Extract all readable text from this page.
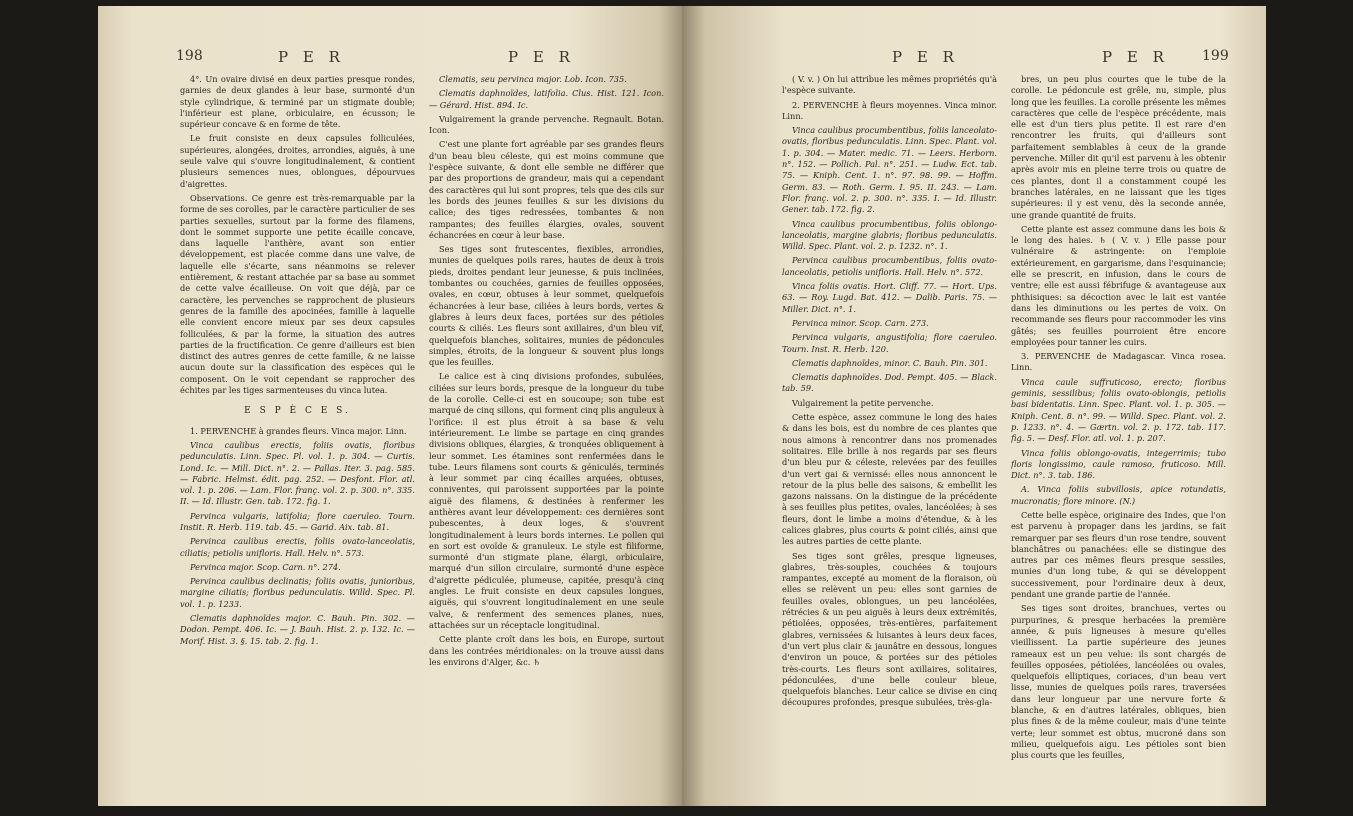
198	P E R	P E R

4°. Un ovaire divisé en deux parties presque rondes, garnies de deux glandes à leur base, surmonté d'un style cylindrique, & terminé par un stigmate double; l'inférieur est plane, orbiculaire, en écusson; le supérieur concave & en forme de tête.

Le fruit consiste en deux capsules folliculées, supérieures, alongées, droites, arrondies, aiguës, à une seule valve qui s'ouvre longitudinalement, & contient plusieurs semences nues, oblongues, dépourvues d'aigrettes.

Observations. Ce genre est très-remarquable par la forme de ses corolles, par le caractère particulier de ses parties sexuelles, surtout par la forme des filamens, dont le sommet supporte une petite écaille concave, dans laquelle l'anthère, avant son entier développement, est placée comme dans une valve, de laquelle elle s'écarte, sans néanmoins se relever entièrement, & restant attachée par sa base au sommet de cette valve écailleuse. On voit que déjà, par ce caractère, les pervenches se rapprochent de plusieurs genres de la famille des apocinées, famille à laquelle elle convient encore mieux par ses deux capsules folliculées, & par la forme, la situation des autres parties de la fructification. Ce genre d'ailleurs est bien distinct des autres genres de cette famille, & ne laisse aucun doute sur la classification des espèces qui le composent. On le voit cependant se rapprocher des échites par les tiges sarmenteuses du vinca lutea.

E S P È C E S.

1. PERVENCHE à grandes fleurs. Vinca major. Linn.

Vinca caulibus erectis, foliis ovatis, floribus pedunculatis. Linn. Spec. Pl. vol. 1. p. 304. — Curtis. Lond. Ic. — Mill. Dict. n°. 2. — Pallas. Iter. 3. pag. 585. — Fabric. Helmst. édit. pag. 252. — Desfont. Flor. atl. vol. 1. p. 206. — Lam. Flor. franç. vol. 2. p. 300. n°. 335. II. — Id. Illustr. Gen. tab. 172. fig. 1.

Pervinca vulgaris, latifolia; flore caeruleo. Tourn. Instit. R. Herb. 119. tab. 45. — Garid. Aix. tab. 81.

Pervinca caulibus erectis, foliis ovato-lanceolatis, ciliatis; petiolis unifloris. Hall. Helv. n°. 573.

Pervinca major. Scop. Carn. n°. 274.

Pervinca caulibus declinatis; foliis ovatis, junioribus, margine ciliatis; floribus pedunculatis. Willd. Spec. Pl. vol. 1. p. 1233.

Clematis daphnoïdes major. C. Bauh. Pin. 302. — Dodon. Pempt. 406. Ic. — J. Bauh. Hist. 2. p. 132. Ic. — Morif. Hist. 3. §. 15. tab. 2. fig. 1.

Clematis, seu pervinca major. Lob. Icon. 735.

Clematis daphnoïdes, latifolia. Clus. Hist. 121. Icon. — Gérard. Hist. 894. Ic.

Vulgairement la grande pervenche. Regnault. Botan. Icon.

C'est une plante fort agréable par ses grandes fleurs d'un beau bleu céleste, qui est moins commune que l'espèce suivante, & dont elle semble ne différer que par des proportions de grandeur, mais qui a cependant des caractères qui lui sont propres, tels que des cils sur les bords des jeunes feuilles & sur les divisions du calice; des tiges redressées, tombantes & non rampantes; des feuilles élargies, ovales, souvent échancrées en cœur à leur base.

Ses tiges sont frutescentes, flexibles, arrondies, munies de quelques poils rares, hautes de deux à trois pieds, droites pendant leur jeunesse, & puis inclinées, tombantes ou couchées, garnies de feuilles opposées, ovales, en cœur, obtuses à leur sommet, quelquefois échancrées à leur base, ciliées à leurs bords, vertes & glabres à leurs deux faces, portées sur des pétioles courts & ciliés. Les fleurs sont axillaires, d'un bleu vif, quelquefois blanches, solitaires, munies de pédoncules simples, étroits, de la longueur & souvent plus longs que les feuilles.

Le calice est à cinq divisions profondes, subulées, ciliées sur leurs bords, presque de la longueur du tube de la corolle. Celle-ci est en soucoupe; son tube est marqué de cinq sillons, qui forment cinq plis anguleux à l'orifice: il est plus étroit à sa base & velu intérieurement. Le limbe se partage en cinq grandes divisions obliques, élargies, & tronquées obliquement à leur sommet. Les étamines sont renfermées dans le tube. Leurs filamens sont courts & géniculés, terminés à leur sommet par cinq écailles arquées, obtuses, conniventes, qui paroissent supportées par la pointe aiguë des filamens, & destinées à renfermer les anthères avant leur développement: ces dernières sont pubescentes, à deux loges, & s'ouvrent longitudinalement à leurs bords internes. Le pollen qui en sort est ovoïde & granuleux. Le style est filiforme, surmonté d'un stigmate plane, élargi, orbiculaire, marqué d'un sillon circulaire, surmonté d'une espèce d'aigrette pédiculée, plumeuse, capitée, presqu'à cinq angles. Le fruit consiste en deux capsules longues, aiguës, qui s'ouvrent longitudinalement en une seule valve, & renferment des semences planes, nues, attachées sur un réceptacle longitudinal.

Cette plante croît dans les bois, en Europe, surtout dans les contrées méridionales: on la trouve aussi dans les environs d'Alger, &c. ♄

P E R	P E R 199

( V. v. ) On lui attribue les mêmes propriétés qu'à l'espèce suivante.

2. PERVENCHE à fleurs moyennes. Vinca minor. Linn.

Vinca caulibus procumbentibus, foliis lanceolato-ovatis, floribus pedunculatis. Linn. Spec. Plant. vol. 1. p. 304. — Mater. medic. 71. — Leers. Herborn. n°. 152. — Pollich. Pal. n°. 251. — Ludw. Ect. tab. 75. — Kniph. Cent. 1. n°. 97. 98. 99. — Hoffm. Germ. 83. — Roth. Germ. I. 95. II. 243. — Lam. Flor. franç. vol. 2. p. 300. n°. 335. I. — Id. Illustr. Gener. tab. 172. fig. 2.

Vinca caulibus procumbentibus, foliis oblongo-lanceolatis, margine glabris; floribus pedunculatis. Willd. Spec. Plant. vol. 2. p. 1232. n°. 1.

Pervinca caulibus procumbentibus, foliis ovato-lanceolatis, petiolis unifloris. Hall. Helv. n°. 572.

Vinca foliis ovatis. Hort. Cliff. 77. — Hort. Ups. 63. — Roy. Lugd. Bat. 412. — Dalib. Paris. 75. — Miller. Dict. n°. 1.

Pervinca minor. Scop. Carn. 273.

Pervinca vulgaris, angustifolia; flore caeruleo. Tourn. Inst. R. Herb. 120.

Clematis daphnoïdes, minor. C. Bauh. Pin. 301.

Clematis daphnoïdes. Dod. Pempt. 405. — Black. tab. 59.

Vulgairement la petite pervenche.

Cette espèce, assez commune le long des haies & dans les bois, est du nombre de ces plantes que nous aimons à rencontrer dans nos promenades solitaires. Elle brille à nos regards par ses fleurs d'un bleu pur & céleste, relevées par des feuilles d'un vert gai & vernissé: elles nous annoncent le retour de la plus belle des saisons, & embellit les gazons naissans. On la distingue de la précédente à ses feuilles plus petites, ovales, lancéolées; à ses fleurs, dont le limbe a moins d'étendue, & à les calices glabres, plus courts & point ciliés, ainsi que les autres parties de cette plante.

Ses tiges sont grêles, presque ligneuses, glabres, très-souples, couchées & toujours rampantes, excepté au moment de la floraison, où elles se relèvent un peu: elles sont garnies de feuilles ovales, oblongues, un peu lancéolées, rétrécies & un peu aiguës à leurs deux extrémités, pétiolées, opposées, très-entières, parfaitement glabres, vernissées & luisantes à leurs deux faces, d'un vert plus clair & jaunâtre en dessous, longues d'environ un pouce, & portées sur des pétioles très-courts. Les fleurs sont axillaires, solitaires, pédonculées, d'une belle couleur bleue, quelquefois blanches. Leur calice se divise en cinq découpures profondes, presque subulées, très-gla-

bres, un peu plus courtes que le tube de la corolle. Le pédoncule est grêle, nu, simple, plus long que les feuilles. La corolle présente les mêmes caractères que celle de l'espèce précédente, mais elle est d'un tiers plus petite. Il est rare d'en rencontrer les fruits, qui d'ailleurs sont parfaitement semblables à ceux de la grande pervenche. Miller dit qu'il est parvenu à les obtenir après avoir mis en pleine terre trois ou quatre de ces plantes, dont il a constamment coupé les branches latérales, en ne laissant que les tiges supérieures: il y est venu, dès la seconde année, une grande quantité de fruits.

Cette plante est assez commune dans les bois & le long des haies. ♄ ( V. v. ) Elle passe pour vulnéraire & astringente: on l'emploie extérieurement, en gargarisme, dans l'esquinancie; elle se prescrit, en infusion, dans le cours de ventre; elle est aussi fébrifuge & avantageuse aux phthisiques: sa décoction avec le lait est vantée dans les diminutions ou les pertes de voix. On recommande ses fleurs pour raccommoder les vins gâtés; ses feuilles pourroient être encore employées pour tanner les cuirs.

3. PERVENCHE de Madagascar. Vinca rosea. Linn.

Vinca caule suffruticoso, erecto; floribus geminis, sessilibus; foliis ovato-oblongis, petiolis basi bidentatis. Linn. Spec. Plant. vol. 1. p. 305. — Kniph. Cent. 8. n°. 99. — Willd. Spec. Plant. vol. 2. p. 1233. n°. 4. — Gærtn. vol. 2. p. 172. tab. 117. fig. 5. — Desf. Flor. atl. vol. 1. p. 207.

Vinca foliis oblongo-ovatis, integerrimis; tubo floris longissimo, caule ramoso, fruticoso. Mill. Dict. n°. 3. tab. 186.

A. Vinca foliis subvillosis, apice rotundatis, mucronatis; flore minore. (N.)

Cette belle espèce, originaire des Indes, que l'on est parvenu à propager dans les jardins, se fait remarquer par ses fleurs d'un rose tendre, souvent blanchâtres ou panachées: elle se distingue des autres par ces mêmes fleurs presque sessiles, munies d'un long tube, & qui se développent successivement, pour l'ordinaire deux à deux, pendant une grande partie de l'année.

Ses tiges sont droites, branchues, vertes ou purpurines, & presque herbacées la première année, & puis ligneuses à mesure qu'elles vieillissent. La partie supérieure des jeunes rameaux est un peu velue: ils sont chargés de feuilles opposées, pétiolées, lancéolées ou ovales, quelquefois elliptiques, coriaces, d'un beau vert lisse, munies de quelques poils rares, traversées dans leur longueur par une nervure forte & blanche, & en d'autres latérales, obliques, bien plus fines & de la même couleur, mais d'une teinte verte; leur sommet est obtus, mucroné dans son milieu, quelquefois aigu. Les pétioles sont bien plus courts que les feuilles,
